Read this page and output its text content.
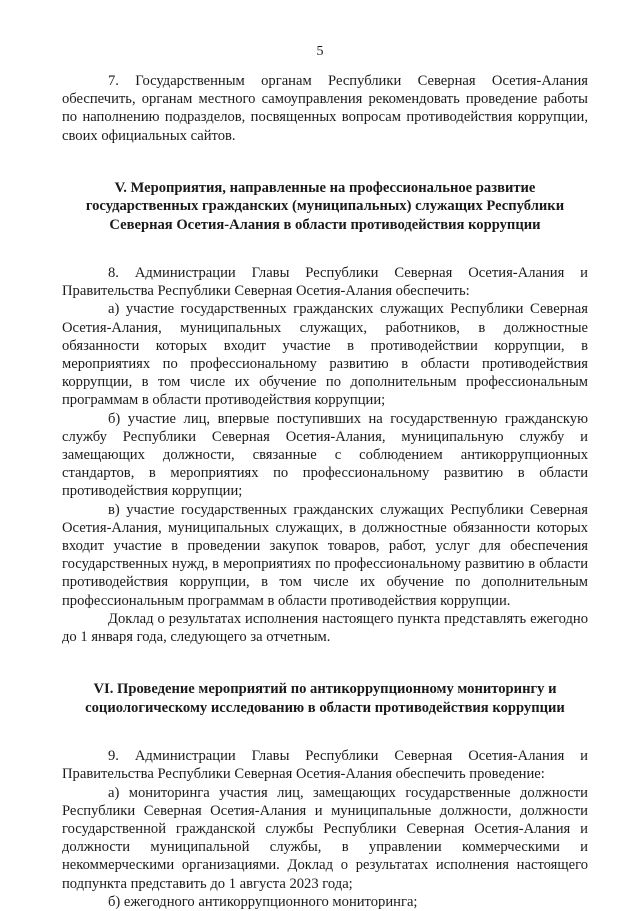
5

7. Государственным органам Республики Северная Осетия-Алания обеспечить, органам местного самоуправления рекомендовать проведение работы по наполнению подразделов, посвященных вопросам противодействия коррупции, своих официальных сайтов.

V. Мероприятия, направленные на профессиональное развитие государственных гражданских (муниципальных) служащих Республики Северная Осетия-Алания в области противодействия коррупции

8. Администрации Главы Республики Северная Осетия-Алания и Правительства Республики Северная Осетия-Алания обеспечить:

а) участие государственных гражданских служащих Республики Северная Осетия-Алания, муниципальных служащих, работников, в должностные обязанности которых входит участие в противодействии коррупции, в мероприятиях по профессиональному развитию в области противодействия коррупции, в том числе их обучение по дополнительным профессиональным программам в области противодействия коррупции;

б) участие лиц, впервые поступивших на государственную гражданскую службу Республики Северная Осетия-Алания, муниципальную службу и замещающих должности, связанные с соблюдением антикоррупционных стандартов, в мероприятиях по профессиональному развитию в области противодействия коррупции;

в) участие государственных гражданских служащих Республики Северная Осетия-Алания, муниципальных служащих, в должностные обязанности которых входит участие в проведении закупок товаров, работ, услуг для обеспечения государственных нужд, в мероприятиях по профессиональному развитию в области противодействия коррупции, в том числе их обучение по дополнительным профессиональным программам в области противодействия коррупции.

Доклад о результатах исполнения настоящего пункта представлять ежегодно до 1 января года, следующего за отчетным.

VI. Проведение мероприятий по антикоррупционному мониторингу и социологическому исследованию в области противодействия коррупции

9. Администрации Главы Республики Северная Осетия-Алания и Правительства Республики Северная Осетия-Алания обеспечить проведение:

а) мониторинга участия лиц, замещающих государственные должности Республики Северная Осетия-Алания и муниципальные должности, должности государственной гражданской службы Республики Северная Осетия-Алания и должности муниципальной службы, в управлении коммерческими и некоммерческими организациями. Доклад о результатах исполнения настоящего подпункта представить до 1 августа 2023 года;

б) ежегодного антикоррупционного мониторинга;
